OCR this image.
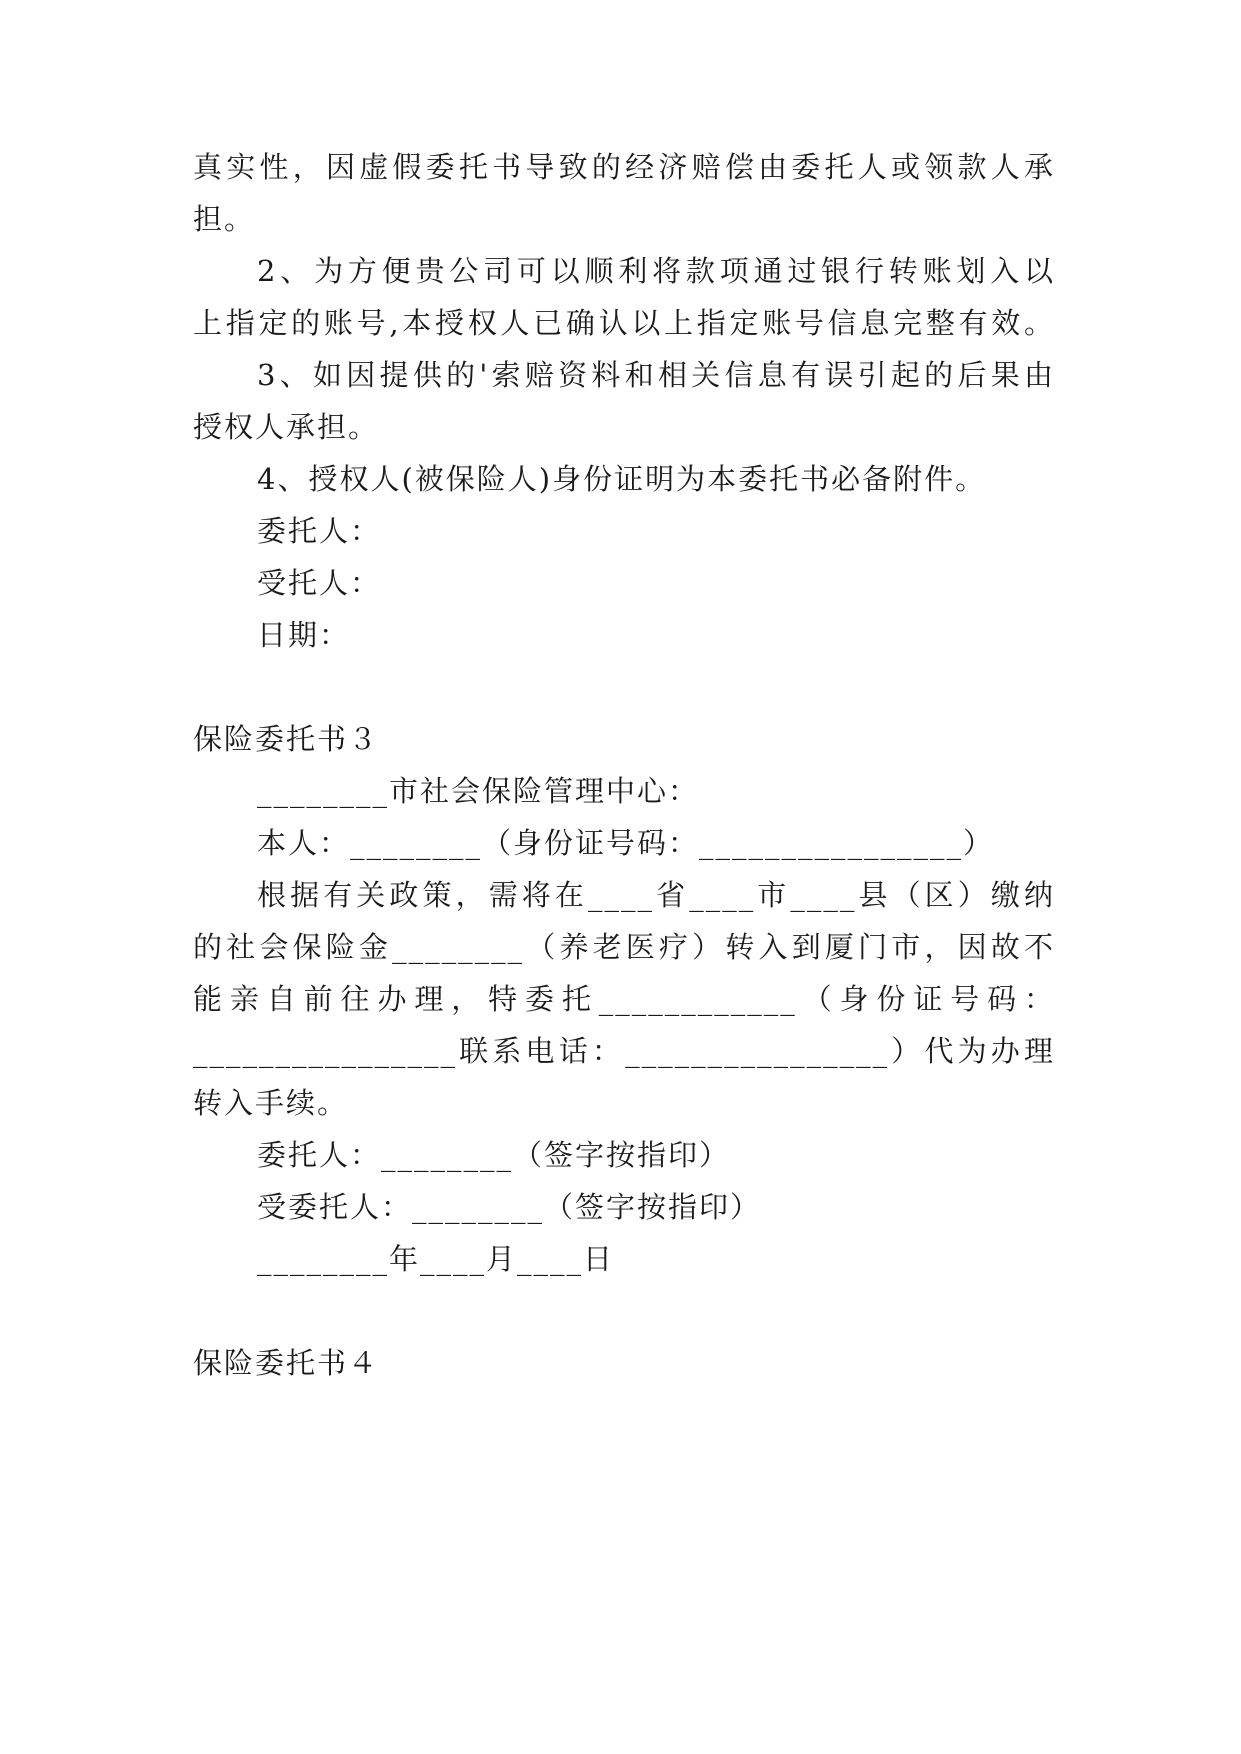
真实性，因虚假委托书导致的经济赔偿由委托人或领款人承
担。
2、为方便贵公司可以顺利将款项通过银行转账划入以
上指定的账号,本授权人已确认以上指定账号信息完整有效。
3、如因提供的'索赔资料和相关信息有误引起的后果由
授权人承担。
4、授权人(被保险人)身份证明为本委托书必备附件。
委托人：
受托人：
日期：
保险委托书３
________市社会保险管理中心：
本人：________（身份证号码：________________）
根据有关政策，需将在____省____市____县（区）缴纳
的社会保险金________（养老医疗）转入到厦门市，因故不
能亲自前往办理，特委托____________（身份证号码：
________________联系电话：________________）代为办理
转入手续。
委托人：________（签字按指印）
受委托人：________（签字按指印）
________年____月____日
保险委托书４
